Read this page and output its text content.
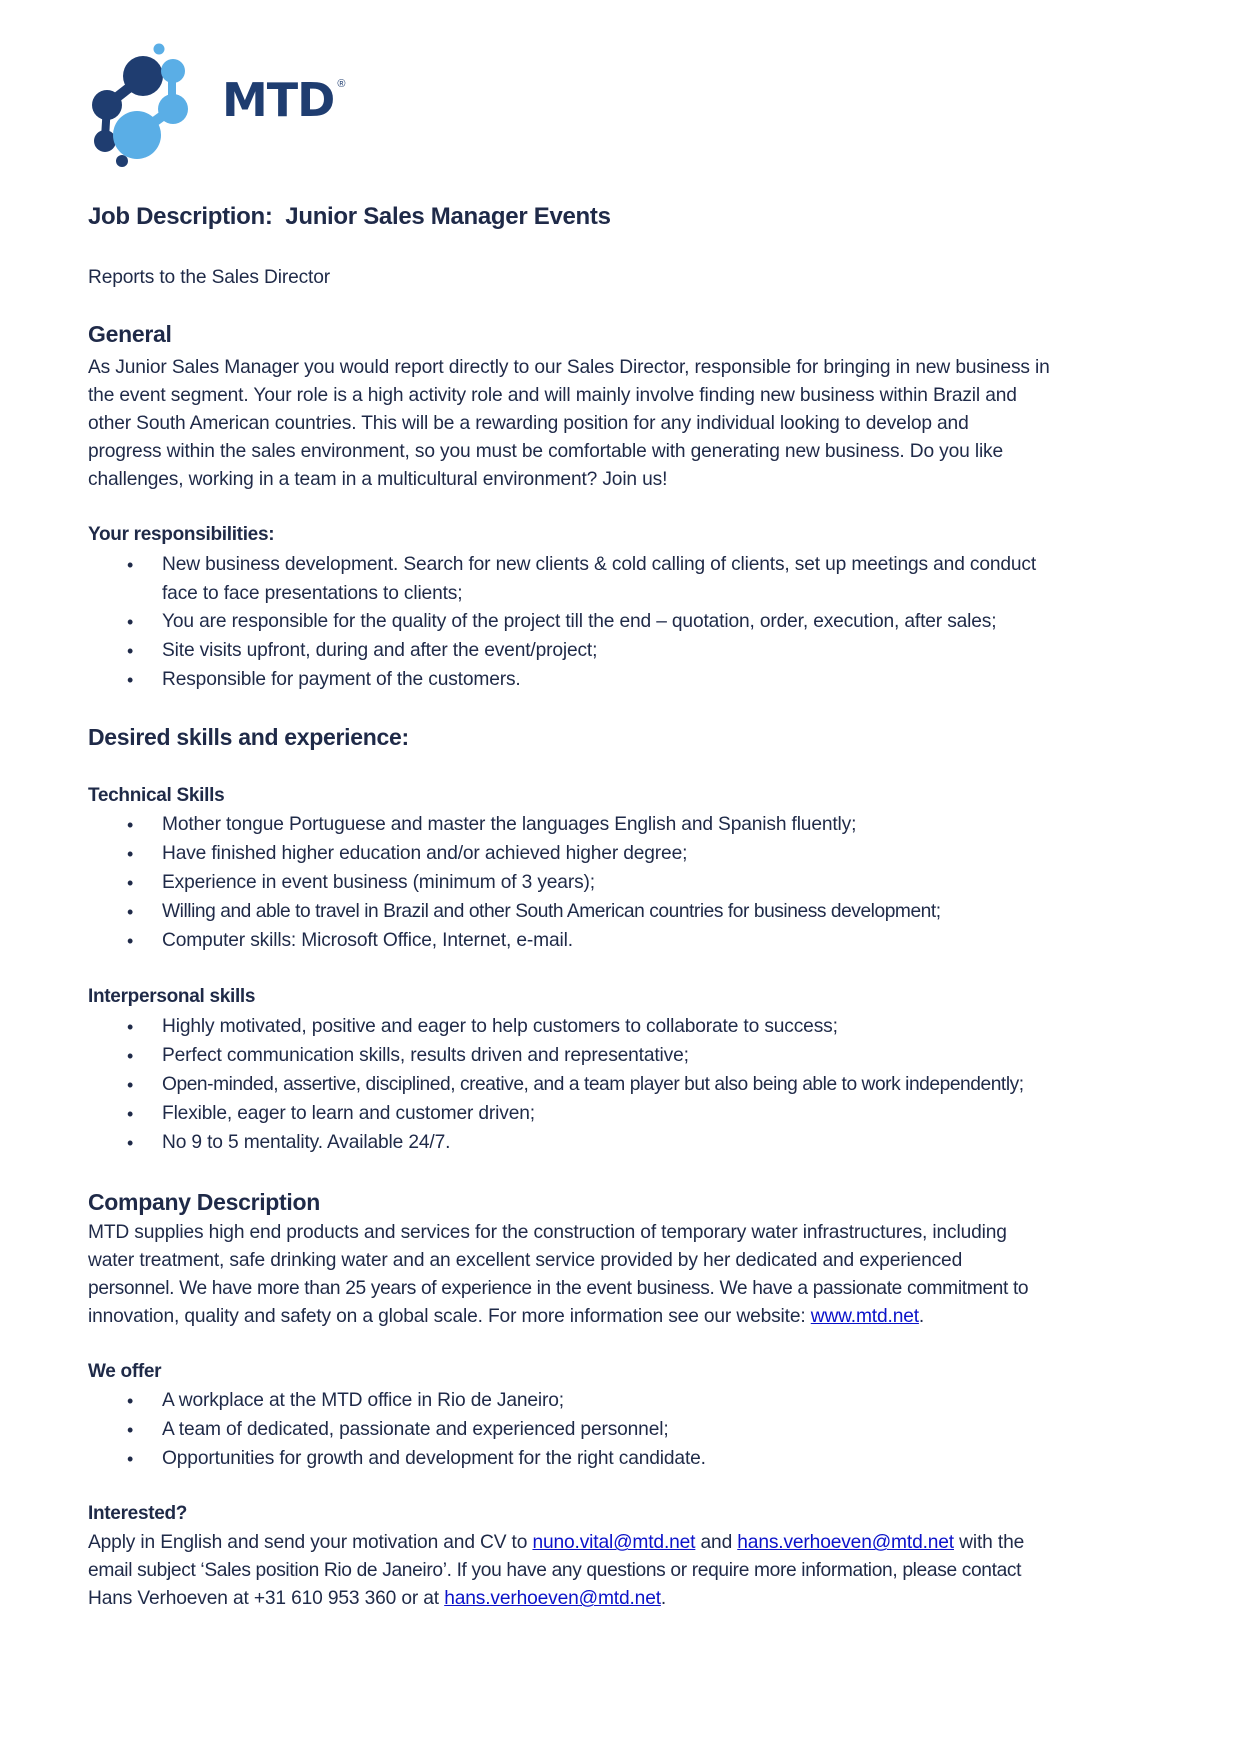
MTD ®
Job Description:  Junior Sales Manager Events
Reports to the Sales Director
General
As Junior Sales Manager you would report directly to our Sales Director, responsible for bringing in new business in
the event segment. Your role is a high activity role and will mainly involve finding new business within Brazil and
other South American countries. This will be a rewarding position for any individual looking to develop and
progress within the sales environment, so you must be comfortable with generating new business. Do you like
challenges, working in a team in a multicultural environment? Join us!
Your responsibilities:
•	New business development. Search for new clients & cold calling of clients, set up meetings and conduct
face to face presentations to clients;
•	You are responsible for the quality of the project till the end – quotation, order, execution, after sales;
•	Site visits upfront, during and after the event/project;
•	Responsible for payment of the customers.
Desired skills and experience:
Technical Skills
•	Mother tongue Portuguese and master the languages English and Spanish fluently;
•	Have finished higher education and/or achieved higher degree;
•	Experience in event business (minimum of 3 years);
•	Willing and able to travel in Brazil and other South American countries for business development;
•	Computer skills: Microsoft Office, Internet, e-mail.
Interpersonal skills
•	Highly motivated, positive and eager to help customers to collaborate to success;
•	Perfect communication skills, results driven and representative;
•	Open-minded, assertive, disciplined, creative, and a team player but also being able to work independently;
•	Flexible, eager to learn and customer driven;
•	No 9 to 5 mentality. Available 24/7.
Company Description
MTD supplies high end products and services for the construction of temporary water infrastructures, including
water treatment, safe drinking water and an excellent service provided by her dedicated and experienced
personnel. We have more than 25 years of experience in the event business. We have a passionate commitment to
innovation, quality and safety on a global scale. For more information see our website: www.mtd.net.
We offer
•	A workplace at the MTD office in Rio de Janeiro;
•	A team of dedicated, passionate and experienced personnel;
•	Opportunities for growth and development for the right candidate.
Interested?
Apply in English and send your motivation and CV to nuno.vital@mtd.net and hans.verhoeven@mtd.net with the
email subject ‘Sales position Rio de Janeiro’. If you have any questions or require more information, please contact
Hans Verhoeven at +31 610 953 360 or at hans.verhoeven@mtd.net.
